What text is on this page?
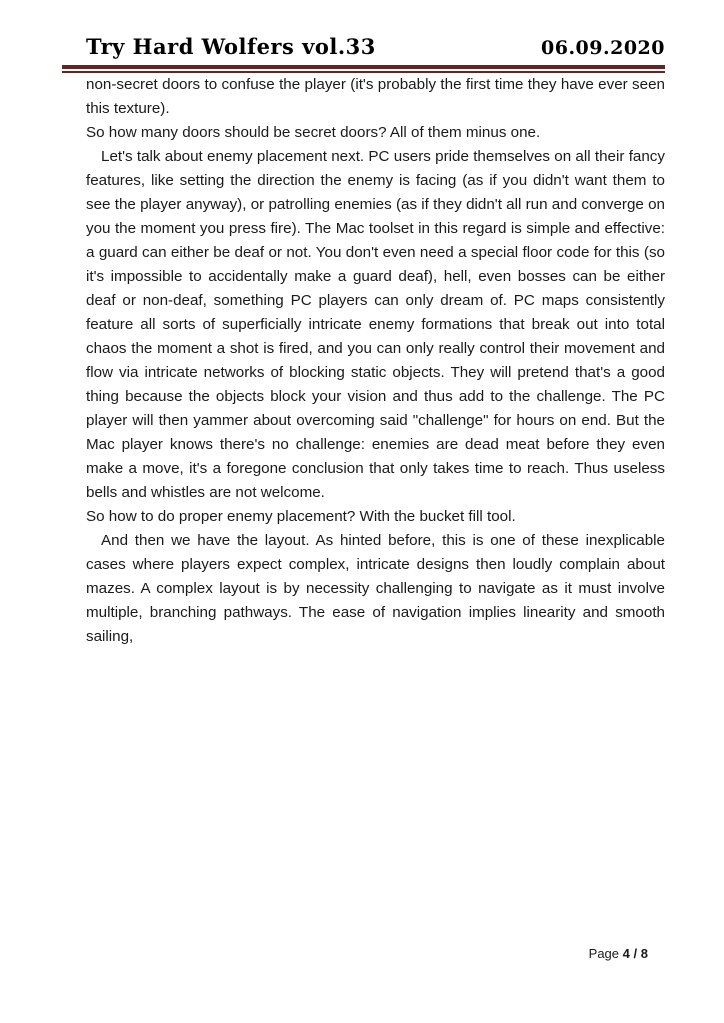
Try Hard Wolfers vol.33	06.09.2020

non-secret doors to confuse the player (it's probably the first time they have ever seen this texture).

So how many doors should be secret doors? All of them minus one.

Let's talk about enemy placement next. PC users pride themselves on all their fancy features, like setting the direction the enemy is facing (as if you didn't want them to see the player anyway), or patrolling enemies (as if they didn't all run and converge on you the moment you press fire). The Mac toolset in this regard is simple and effective: a guard can either be deaf or not. You don't even need a special floor code for this (so it's impossible to accidentally make a guard deaf), hell, even bosses can be either deaf or non-deaf, something PC players can only dream of. PC maps consistently feature all sorts of superficially intricate enemy formations that break out into total chaos the moment a shot is fired, and you can only really control their movement and flow via intricate networks of blocking static objects. They will pretend that's a good thing because the objects block your vision and thus add to the challenge. The PC player will then yammer about overcoming said "challenge" for hours on end. But the Mac player knows there's no challenge: enemies are dead meat before they even make a move, it's a foregone conclusion that only takes time to reach. Thus useless bells and whistles are not welcome.

So how to do proper enemy placement? With the bucket fill tool.

And then we have the layout. As hinted before, this is one of these inexplicable cases where players expect complex, intricate designs then loudly complain about mazes. A complex layout is by necessity challenging to navigate as it must involve multiple, branching pathways. The ease of navigation implies linearity and smooth sailing,

Page 4 / 8
